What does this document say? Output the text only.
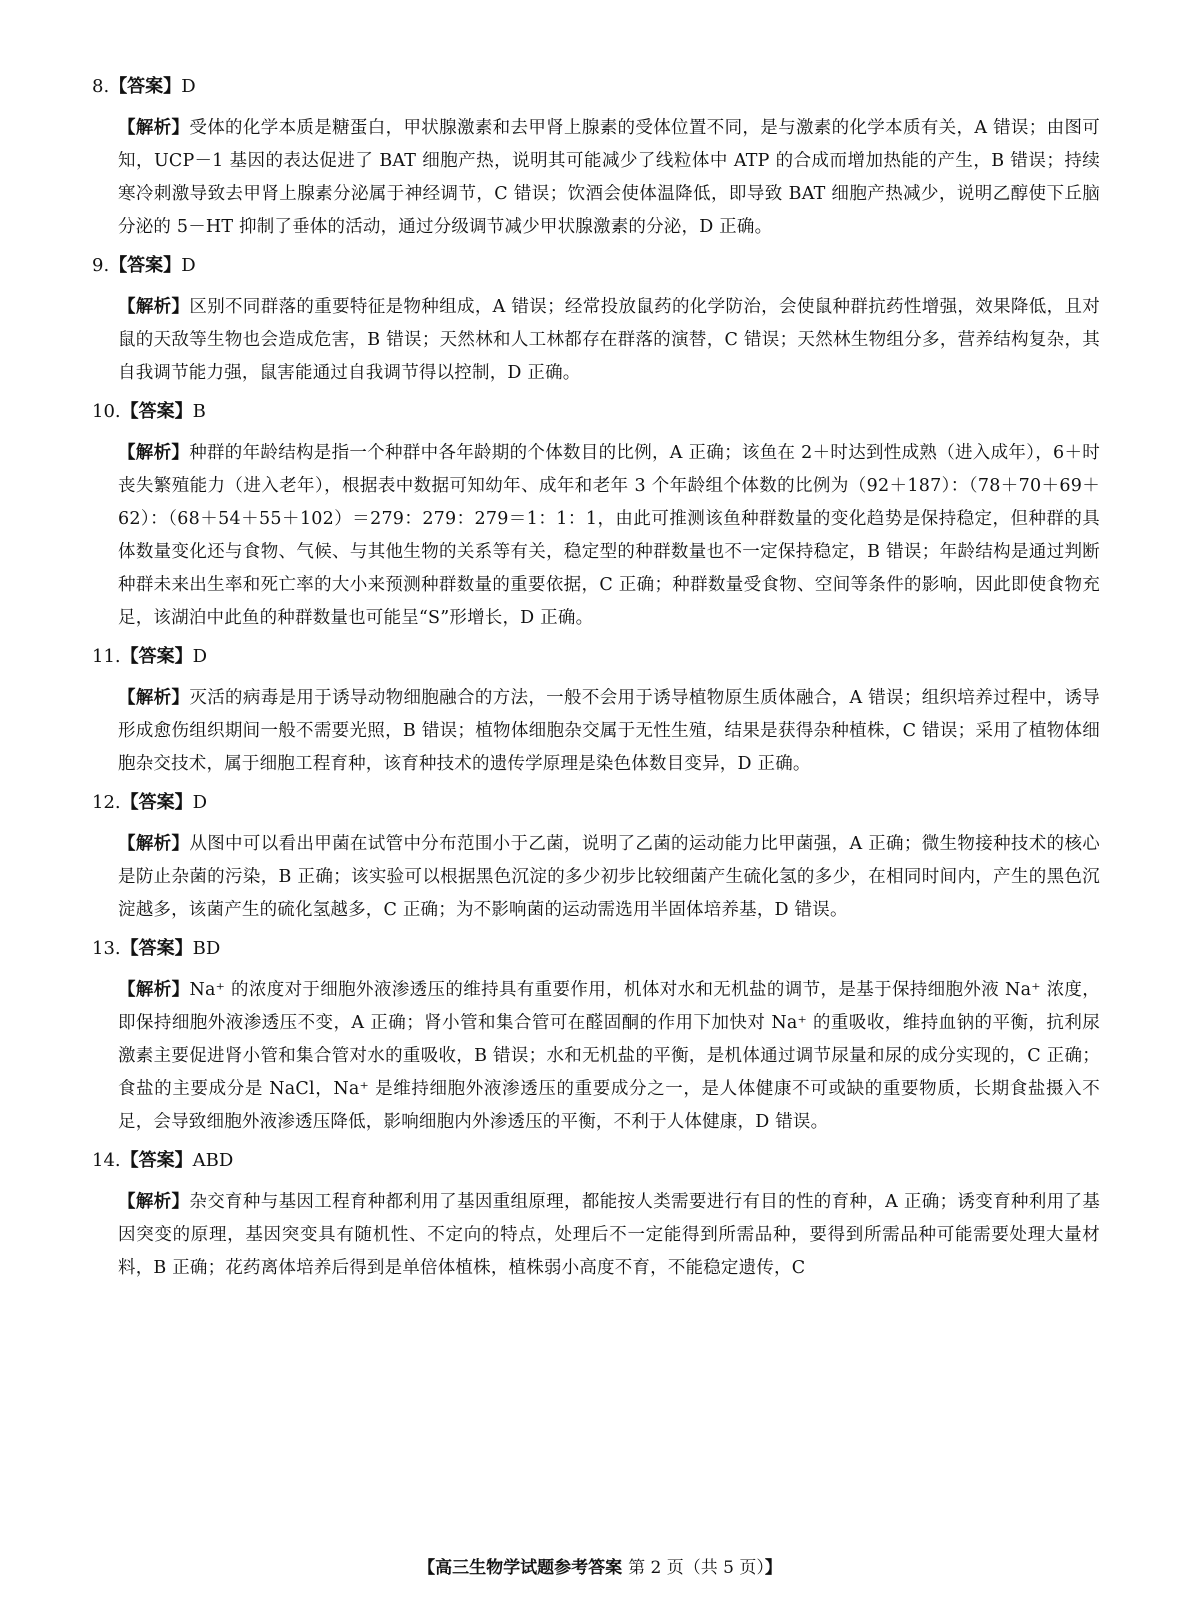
8.【答案】D
【解析】受体的化学本质是糖蛋白，甲状腺激素和去甲肾上腺素的受体位置不同，是与激素的化学本质有关，A 错误；由图可知，UCP－1 基因的表达促进了 BAT 细胞产热，说明其可能减少了线粒体中 ATP 的合成而增加热能的产生，B 错误；持续寒冷刺激导致去甲肾上腺素分泌属于神经调节，C 错误；饮酒会使体温降低，即导致 BAT 细胞产热减少，说明乙醇使下丘脑分泌的 5－HT 抑制了垂体的活动，通过分级调节减少甲状腺激素的分泌，D 正确。
9.【答案】D
【解析】区别不同群落的重要特征是物种组成，A 错误；经常投放鼠药的化学防治，会使鼠种群抗药性增强，效果降低，且对鼠的天敌等生物也会造成危害，B 错误；天然林和人工林都存在群落的演替，C 错误；天然林生物组分多，营养结构复杂，其自我调节能力强，鼠害能通过自我调节得以控制，D 正确。
10.【答案】B
【解析】种群的年龄结构是指一个种群中各年龄期的个体数目的比例，A 正确；该鱼在 2＋时达到性成熟（进入成年），6＋时丧失繁殖能力（进入老年），根据表中数据可知幼年、成年和老年 3 个年龄组个体数的比例为（92＋187）：（78＋70＋69＋62）：（68＋54＋55＋102）＝279：279：279＝1：1：1，由此可推测该鱼种群数量的变化趋势是保持稳定，但种群的具体数量变化还与食物、气候、与其他生物的关系等有关，稳定型的种群数量也不一定保持稳定，B 错误；年龄结构是通过判断种群未来出生率和死亡率的大小来预测种群数量的重要依据，C 正确；种群数量受食物、空间等条件的影响，因此即使食物充足，该湖泊中此鱼的种群数量也可能呈“S”形增长，D 正确。
11.【答案】D
【解析】灭活的病毒是用于诱导动物细胞融合的方法，一般不会用于诱导植物原生质体融合，A 错误；组织培养过程中，诱导形成愈伤组织期间一般不需要光照，B 错误；植物体细胞杂交属于无性生殖，结果是获得杂种植株，C 错误；采用了植物体细胞杂交技术，属于细胞工程育种，该育种技术的遗传学原理是染色体数目变异，D 正确。
12.【答案】D
【解析】从图中可以看出甲菌在试管中分布范围小于乙菌，说明了乙菌的运动能力比甲菌强，A 正确；微生物接种技术的核心是防止杂菌的污染，B 正确；该实验可以根据黑色沉淀的多少初步比较细菌产生硫化氢的多少，在相同时间内，产生的黑色沉淀越多，该菌产生的硫化氢越多，C 正确；为不影响菌的运动需选用半固体培养基，D 错误。
13.【答案】BD
【解析】Na⁺ 的浓度对于细胞外液渗透压的维持具有重要作用，机体对水和无机盐的调节，是基于保持细胞外液 Na⁺ 浓度，即保持细胞外液渗透压不变，A 正确；肾小管和集合管可在醛固酮的作用下加快对 Na⁺ 的重吸收，维持血钠的平衡，抗利尿激素主要促进肾小管和集合管对水的重吸收，B 错误；水和无机盐的平衡，是机体通过调节尿量和尿的成分实现的，C 正确；食盐的主要成分是 NaCl，Na⁺ 是维持细胞外液渗透压的重要成分之一，是人体健康不可或缺的重要物质，长期食盐摄入不足，会导致细胞外液渗透压降低，影响细胞内外渗透压的平衡，不利于人体健康，D 错误。
14.【答案】ABD
【解析】杂交育种与基因工程育种都利用了基因重组原理，都能按人类需要进行有目的性的育种，A 正确；诱变育种利用了基因突变的原理，基因突变具有随机性、不定向的特点，处理后不一定能得到所需品种，要得到所需品种可能需要处理大量材料，B 正确；花药离体培养后得到是单倍体植株，植株弱小高度不育，不能稳定遗传，C
【高三生物学试题参考答案 第 2 页（共 5 页）】
